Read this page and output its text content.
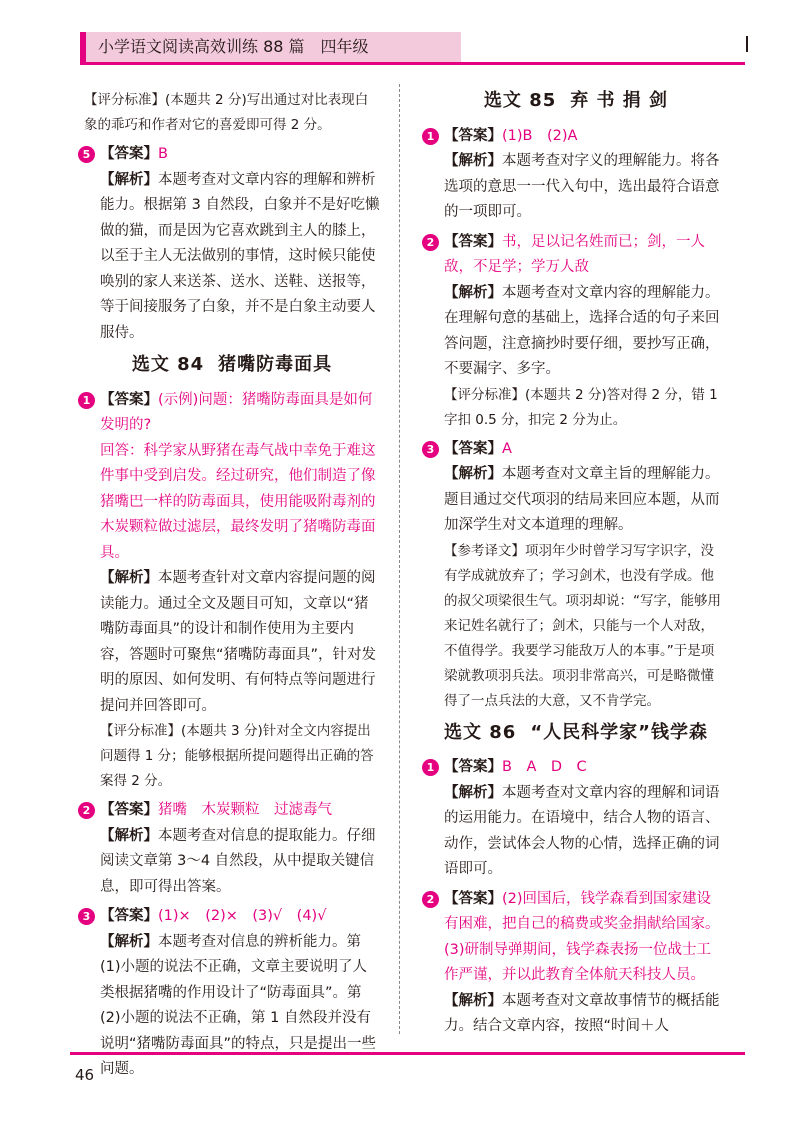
小学语文阅读高效训练 88 篇　四年级

【评分标准】(本题共 2 分)写出通过对比表现白象的乖巧和作者对它的喜爱即可得 2 分。

5 【答案】B

【解析】本题考查对文章内容的理解和辨析能力。根据第 3 自然段，白象并不是好吃懒做的猫，而是因为它喜欢跳到主人的膝上，以至于主人无法做别的事情，这时候只能使唤别的家人来送茶、送水、送鞋、送报等，等于间接服务了白象，并不是白象主动要人服侍。

选文 84 猪嘴防毒面具
1 【答案】(示例)问题：猪嘴防毒面具是如何发明的?

回答：科学家从野猪在毒气战中幸免于难这件事中受到启发。经过研究，他们制造了像猪嘴巴一样的防毒面具，使用能吸附毒剂的木炭颗粒做过滤层，最终发明了猪嘴防毒面具。

【解析】本题考查针对文章内容提问题的阅读能力。通过全文及题目可知，文章以“猪嘴防毒面具”的设计和制作使用为主要内容，答题时可聚焦“猪嘴防毒面具”，针对发明的原因、如何发明、有何特点等问题进行提问并回答即可。

【评分标准】(本题共 3 分)针对全文内容提出问题得 1 分；能够根据所提问题得出正确的答案得 2 分。

2 【答案】猪嘴　木炭颗粒　过滤毒气

【解析】本题考查对信息的提取能力。仔细阅读文章第 3～4 自然段，从中提取关键信息，即可得出答案。

3 【答案】(1)×　(2)×　(3)√　(4)√

【解析】本题考查对信息的辨析能力。第(1)小题的说法不正确，文章主要说明了人类根据猪嘴的作用设计了“防毒面具”。第(2)小题的说法不正确，第 1 自然段并没有说明“猪嘴防毒面具”的特点，只是提出一些问题。

选文 85 弃 书 捐 剑
1 【答案】(1)B　(2)A

【解析】本题考查对字义的理解能力。将各选项的意思一一代入句中，选出最符合语意的一项即可。

2 【答案】书，足以记名姓而已；剑，一人敌，不足学；学万人敌

【解析】本题考查对文章内容的理解能力。在理解句意的基础上，选择合适的句子来回答问题，注意摘抄时要仔细，要抄写正确，不要漏字、多字。

【评分标准】(本题共 2 分)答对得 2 分，错 1 字扣 0.5 分，扣完 2 分为止。

3 【答案】A

【解析】本题考查对文章主旨的理解能力。题目通过交代项羽的结局来回应本题，从而加深学生对文本道理的理解。

【参考译文】项羽年少时曾学习写字识字，没有学成就放弃了；学习剑术，也没有学成。他的叔父项梁很生气。项羽却说：“写字，能够用来记姓名就行了；剑术，只能与一个人对敌，不值得学。我要学习能敌万人的本事。”于是项梁就教项羽兵法。项羽非常高兴，可是略微懂得了一点兵法的大意，又不肯学完。

选文 86 “人民科学家”钱学森
1 【答案】B　A　D　C

【解析】本题考查对文章内容的理解和词语的运用能力。在语境中，结合人物的语言、动作，尝试体会人物的心情，选择正确的词语即可。

2 【答案】(2)回国后，钱学森看到国家建设有困难，把自己的稿费或奖金捐献给国家。

(3)研制导弹期间，钱学森表扬一位战士工作严谨，并以此教育全体航天科技人员。

【解析】本题考查对文章故事情节的概括能力。结合文章内容，按照“时间＋人

46
